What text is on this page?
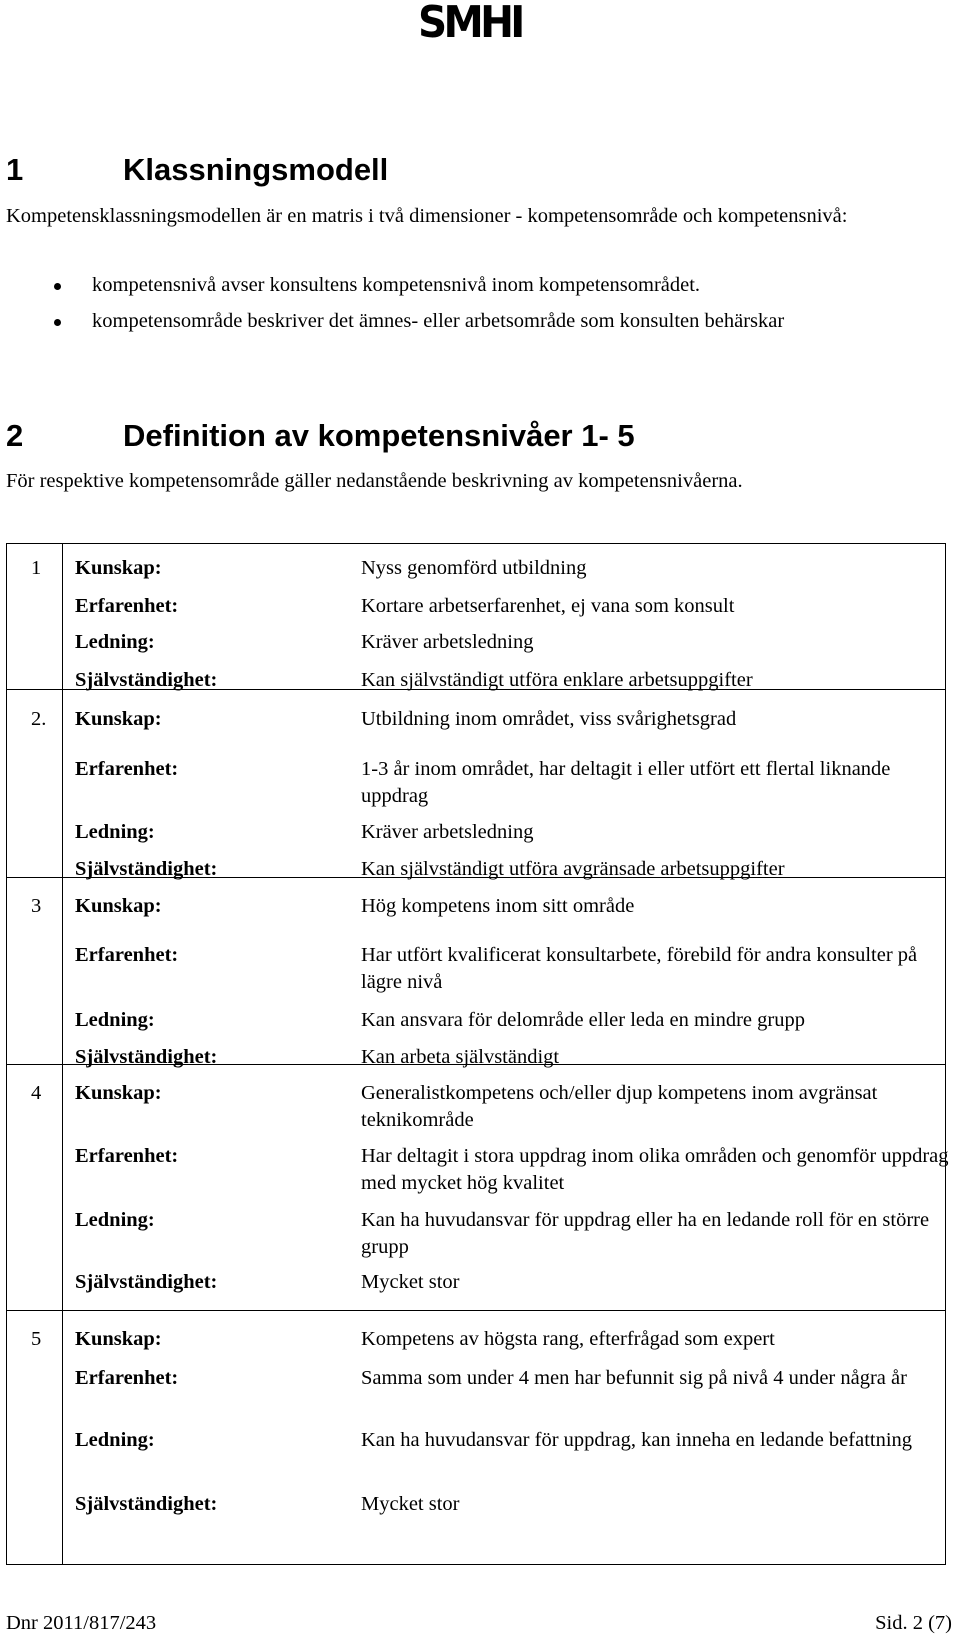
SMHI
1	Klassningsmodell
Kompetensklassningsmodellen är en matris i två dimensioner - kompetensområde och kompetensnivå:
kompetensnivå avser konsultens kompetensnivå inom kompetensområdet.
kompetensområde beskriver det ämnes- eller arbetsområde som konsulten behärskar
2	Definition av kompetensnivåer 1- 5
För respektive kompetensområde gäller nedanstående beskrivning av kompetensnivåerna.
1 Kunskap:	Nyss genomförd utbildning
Erfarenhet:	Kortare arbetserfarenhet, ej vana som konsult
Ledning:	Kräver arbetsledning
Självständighet:	Kan självständigt utföra enklare arbetsuppgifter
2. Kunskap:	Utbildning inom området, viss svårighetsgrad
Erfarenhet:	1-3 år inom området, har deltagit i eller utfört ett flertal liknande uppdrag
Ledning:	Kräver arbetsledning
Självständighet:	Kan självständigt utföra avgränsade arbetsuppgifter
3 Kunskap:	Hög kompetens inom sitt område
Erfarenhet:	Har utfört kvalificerat konsultarbete, förebild för andra konsulter på lägre nivå
Ledning:	Kan ansvara för delområde eller leda en mindre grupp
Självständighet:	Kan arbeta självständigt
4 Kunskap:	Generalistkompetens och/eller djup kompetens inom avgränsat teknikområde
Erfarenhet:	Har deltagit i stora uppdrag inom olika områden och genomför uppdrag med mycket hög kvalitet
Ledning:	Kan ha huvudansvar för uppdrag eller ha en ledande roll för en större grupp
Självständighet:	Mycket stor
5 Kunskap:	Kompetens av högsta rang, efterfrågad som expert
Erfarenhet:	Samma som under 4 men har befunnit sig på nivå 4 under några år
Ledning:	Kan ha huvudansvar för uppdrag, kan inneha en ledande befattning
Självständighet:	Mycket stor
Dnr 2011/817/243	Sid. 2 (7)
